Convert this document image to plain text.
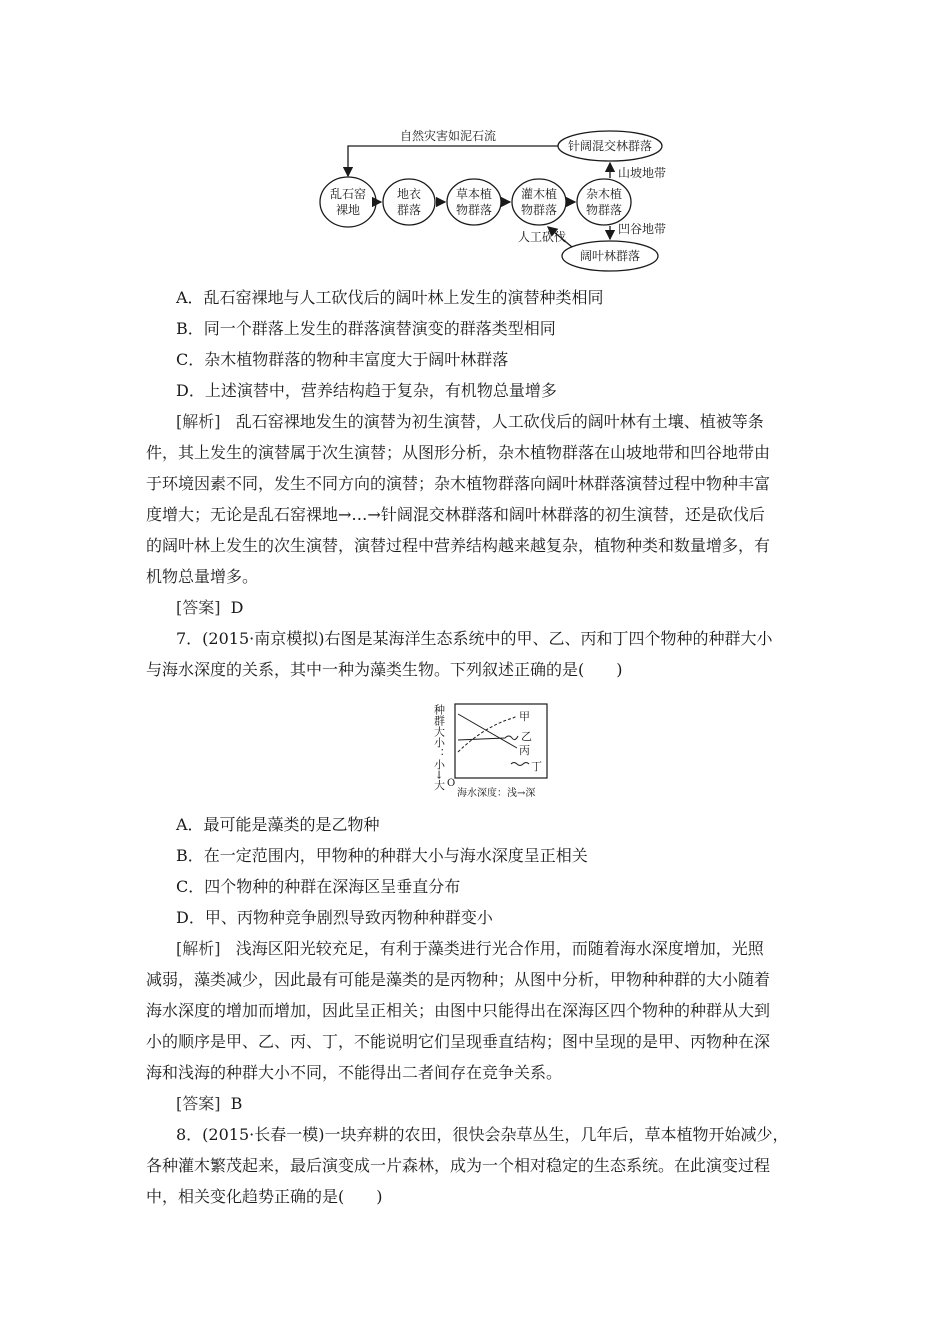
自然灾害如泥石流
乱石窑
裸地
地衣
群落
草本植
物群落
灌木植
物群落
杂木植
物群落
针阔混交林群落
阔叶林群落
山坡地带
凹谷地带
人工砍伐
A．乱石窑裸地与人工砍伐后的阔叶林上发生的演替种类相同
B．同一个群落上发生的群落演替演变的群落类型相同
C．杂木植物群落的物种丰富度大于阔叶林群落
D．上述演替中，营养结构趋于复杂，有机物总量增多
[解析] 乱石窑裸地发生的演替为初生演替，人工砍伐后的阔叶林有土壤、植被等条
件，其上发生的演替属于次生演替；从图形分析，杂木植物群落在山坡地带和凹谷地带由
于环境因素不同，发生不同方向的演替；杂木植物群落向阔叶林群落演替过程中物种丰富
度增大；无论是乱石窑裸地→…→针阔混交林群落和阔叶林群落的初生演替，还是砍伐后
的阔叶林上发生的次生演替，演替过程中营养结构越来越复杂，植物种类和数量增多，有
机物总量增多。
[答案] D
7．(2015·南京模拟)右图是某海洋生态系统中的甲、乙、丙和丁四个物种的种群大小
与海水深度的关系，其中一种为藻类生物。下列叙述正确的是(　　)
种群大小：小→大 O
海水深度：浅→深
甲
乙
丙
丁
A．最可能是藻类的是乙物种
B．在一定范围内，甲物种的种群大小与海水深度呈正相关
C．四个物种的种群在深海区呈垂直分布
D．甲、丙物种竞争剧烈导致丙物种种群变小
[解析] 浅海区阳光较充足，有利于藻类进行光合作用，而随着海水深度增加，光照
减弱，藻类减少，因此最有可能是藻类的是丙物种；从图中分析，甲物种种群的大小随着
海水深度的增加而增加，因此呈正相关；由图中只能得出在深海区四个物种的种群从大到
小的顺序是甲、乙、丙、丁，不能说明它们呈现垂直结构；图中呈现的是甲、丙物种在深
海和浅海的种群大小不同，不能得出二者间存在竞争关系。
[答案] B
8．(2015·长春一模)一块弃耕的农田，很快会杂草丛生，几年后，草本植物开始减少，
各种灌木繁茂起来，最后演变成一片森林，成为一个相对稳定的生态系统。在此演变过程
中，相关变化趋势正确的是(　　)
